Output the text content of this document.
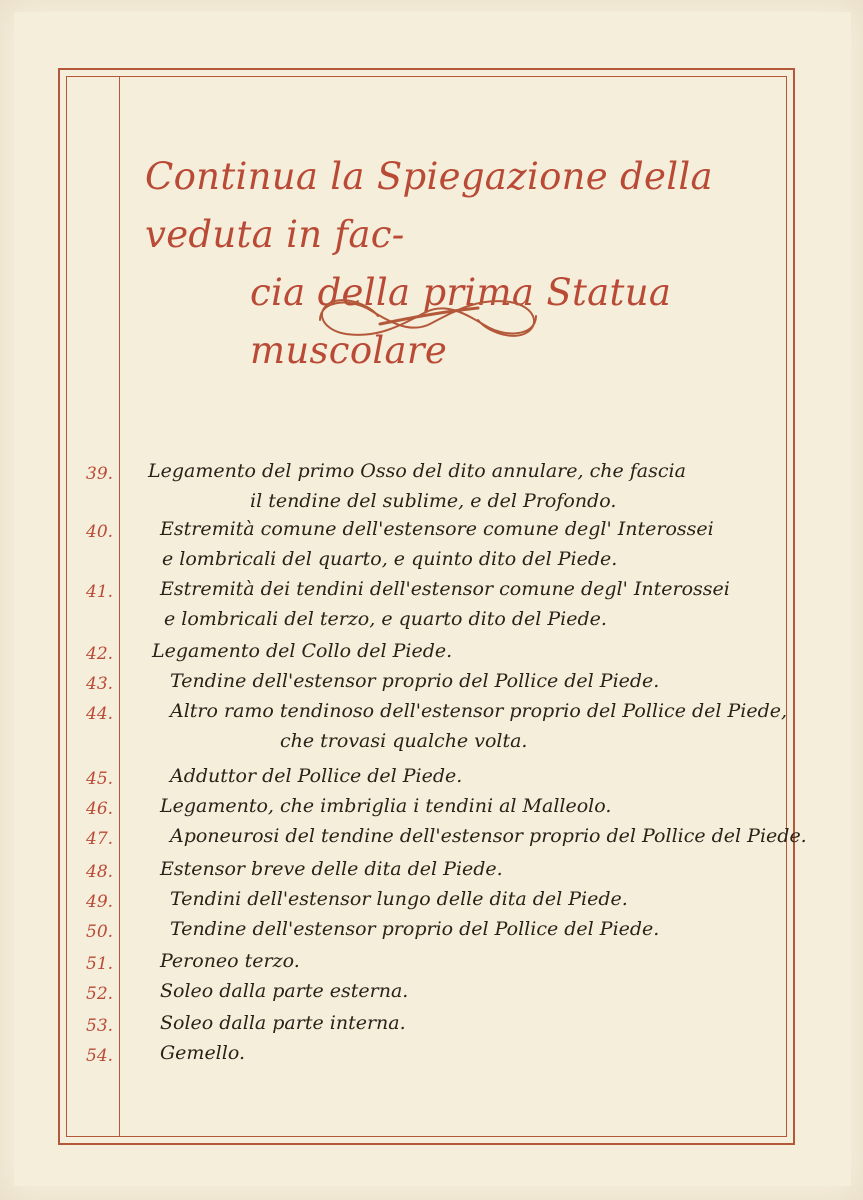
Continua la Spiegazione della veduta in fac-
cia della prima Statua muscolare
39.	Legamento del primo Osso del dito annulare, che fascia
il tendine del sublime, e del Profondo.
40.	Estremità comune dell'estensore comune degl' Interossei
e lombricali del quarto, e quinto dito del Piede.
41.	Estremità dei tendini dell'estensor comune degl' Interossei
e lombricali del terzo, e quarto dito del Piede.
42.	Legamento del Collo del Piede.
43.	Tendine dell'estensor proprio del Pollice del Piede.
44.	Altro ramo tendinoso dell'estensor proprio del Pollice del Piede,
che trovasi qualche volta.
45.	Adduttor del Pollice del Piede.
46.	Legamento, che imbriglia i tendini al Malleolo.
47.	Aponeurosi del tendine dell'estensor proprio del Pollice del Piede.
48.	Estensor breve delle dita del Piede.
49.	Tendini dell'estensor lungo delle dita del Piede.
50.	Tendine dell'estensor proprio del Pollice del Piede.
51.	Peroneo terzo.
52.	Soleo dalla parte esterna.
53.	Soleo dalla parte interna.
54.	Gemello.
